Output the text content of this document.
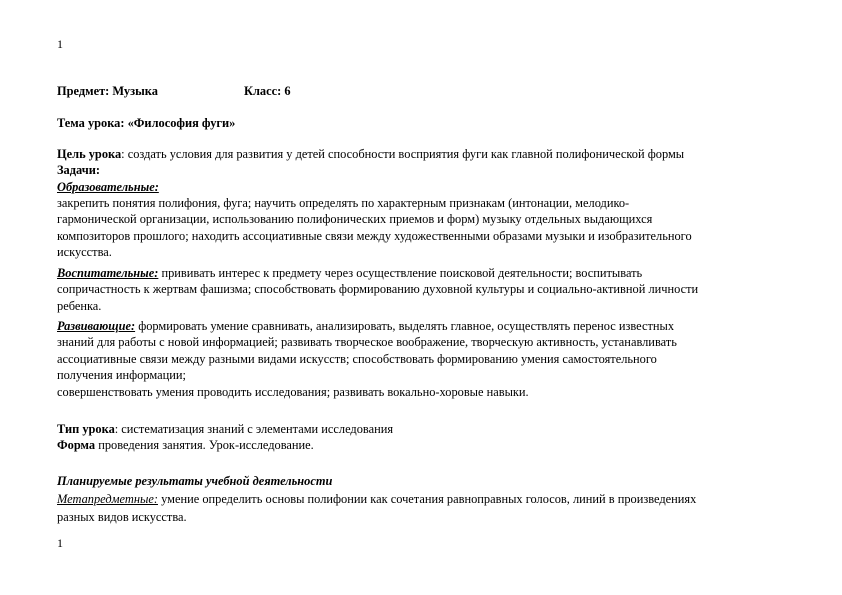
1
Предмет: Музыка	Класс: 6
Тема урока: «Философия фуги»
Цель урока: создать условия для развития у детей способности восприятия фуги как главной полифонической формы
Задачи:
Образовательные:
закрепить понятия полифония, фуга; научить определять по характерным признакам (интонации, мелодико-
гармонической организации, использованию полифонических приемов и форм) музыку отдельных выдающихся
композиторов прошлого; находить ассоциативные связи между художественными образами музыки и изобразительного
искусства.
Воспитательные: прививать интерес к предмету через осуществление поисковой деятельности; воспитывать
сопричастность к жертвам фашизма; способствовать формированию духовной культуры и социально-активной личности
ребенка.
Развивающие: формировать умение сравнивать, анализировать, выделять главное, осуществлять перенос известных
знаний для работы с новой информацией; развивать творческое воображение, творческую активность, устанавливать
ассоциативные связи между разными видами искусств; способствовать формированию умения самостоятельного
получения информации;
совершенствовать умения проводить исследования; развивать вокально-хоровые навыки.
Тип урока: систематизация знаний с элементами исследования
Форма проведения занятия. Урок-исследование.
Планируемые результаты учебной деятельности
Метапредметные: умение определить основы полифонии как сочетания равноправных голосов, линий в произведениях
разных видов искусства.
1
